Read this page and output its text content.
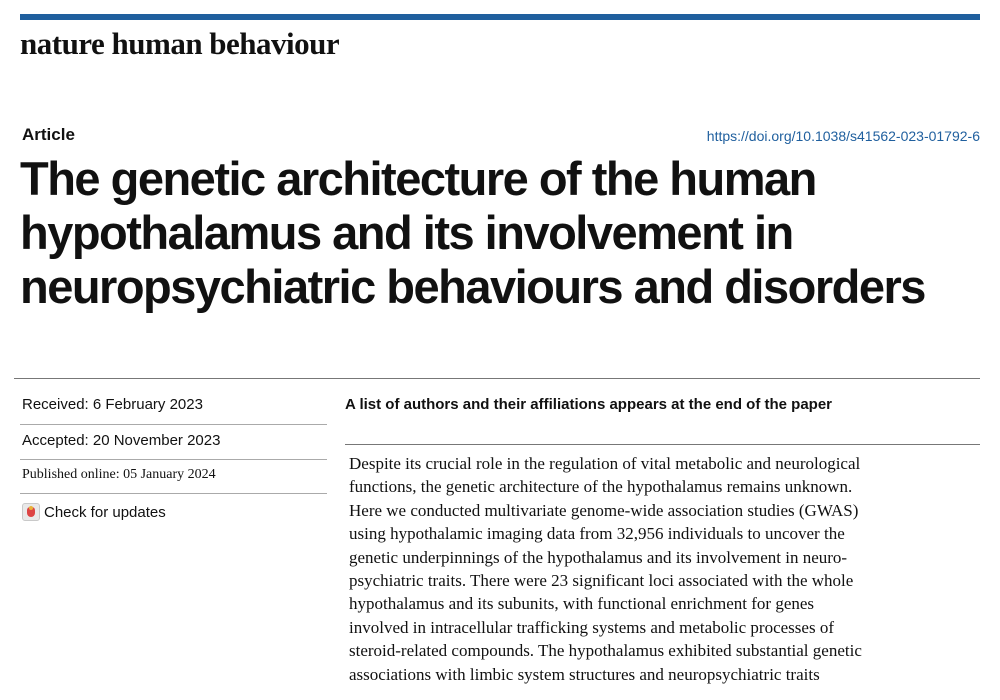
nature human behaviour
Article	https://doi.org/10.1038/s41562-023-01792-6
The genetic architecture of the human
hypothalamus and its involvement in
neuropsychiatric behaviours and disorders
Received: 6 February 2023
Accepted: 20 November 2023
Published online: 05 January 2024
Check for updates
A list of authors and their affiliations appears at the end of the paper
Despite its crucial role in the regulation of vital metabolic and neurological
functions, the genetic architecture of the hypothalamus remains unknown.
Here we conducted multivariate genome-wide association studies (GWAS)
using hypothalamic imaging data from 32,956 individuals to uncover the
genetic underpinnings of the hypothalamus and its involvement in neuro-
psychiatric traits. There were 23 significant loci associated with the whole
hypothalamus and its subunits, with functional enrichment for genes
involved in intracellular trafficking systems and metabolic processes of
steroid-related compounds. The hypothalamus exhibited substantial genetic
associations with limbic system structures and neuropsychiatric traits
